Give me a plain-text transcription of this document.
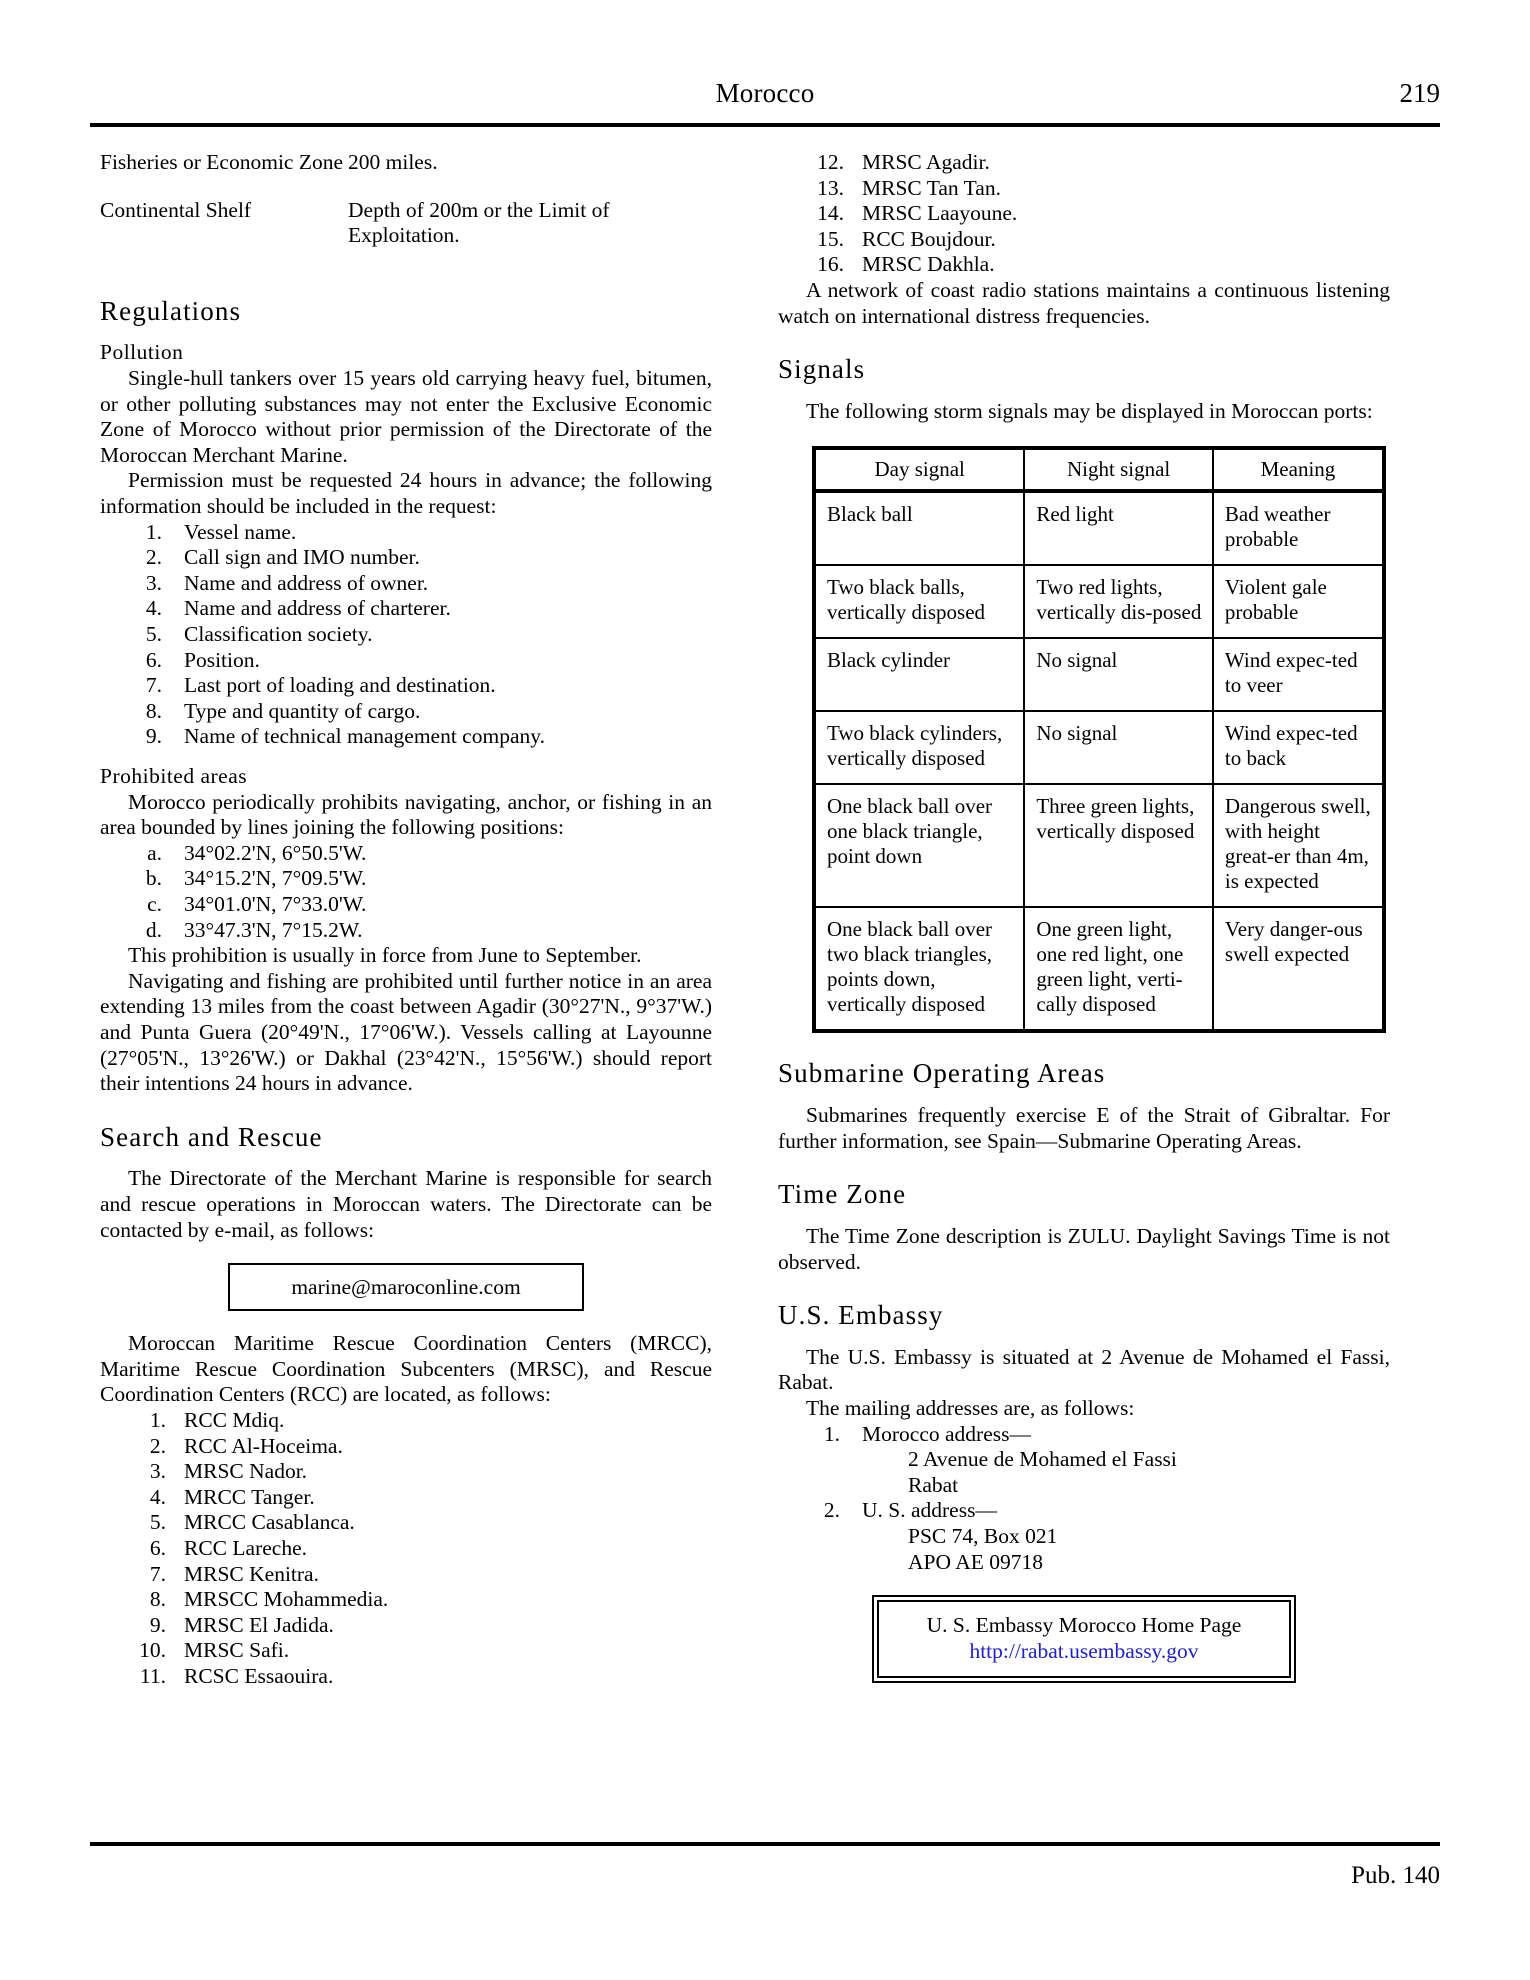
Morocco	219
Fisheries or Economic Zone	200 miles.
Continental Shelf	Depth of 200m or the Limit of Exploitation.
Regulations
Pollution

Single-hull tankers over 15 years old carrying heavy fuel, bitumen, or other polluting substances may not enter the Exclusive Economic Zone of Morocco without prior permission of the Directorate of the Moroccan Merchant Marine.

Permission must be requested 24 hours in advance; the following information should be included in the request:

1. Vessel name.
2. Call sign and IMO number.
3. Name and address of owner.
4. Name and address of charterer.
5. Classification society.
6. Position.
7. Last port of loading and destination.
8. Type and quantity of cargo.
9. Name of technical management company.
Prohibited areas

Morocco periodically prohibits navigating, anchor, or fishing in an area bounded by lines joining the following positions:

a. 34°02.2'N, 6°50.5'W.
b. 34°15.2'N, 7°09.5'W.
c. 34°01.0'N, 7°33.0'W.
d. 33°47.3'N, 7°15.2W.

This prohibition is usually in force from June to September.

Navigating and fishing are prohibited until further notice in an area extending 13 miles from the coast between Agadir (30°27'N., 9°37'W.) and Punta Guera (20°49'N., 17°06'W.). Vessels calling at Layounne (27°05'N., 13°26'W.) or Dakhal (23°42'N., 15°56'W.) should report their intentions 24 hours in advance.

Search and Rescue

The Directorate of the Merchant Marine is responsible for search and rescue operations in Moroccan waters. The Directorate can be contacted by e-mail, as follows:

marine@maroconline.com

Moroccan Maritime Rescue Coordination Centers (MRCC), Maritime Rescue Coordination Subcenters (MRSC), and Rescue Coordination Centers (RCC) are located, as follows:

1. RCC Mdiq.
2. RCC Al-Hoceima.
3. MRSC Nador.
4. MRCC Tanger.
5. MRCC Casablanca.
6. RCC Lareche.
7. MRSC Kenitra.
8. MRSCC Mohammedia.
9. MRSC El Jadida.
10. MRSC Safi.
11. RCSC Essaouira.
12. MRSC Agadir.
13. MRSC Tan Tan.
14. MRSC Laayoune.
15. RCC Boujdour.
16. MRSC Dakhla.

A network of coast radio stations maintains a continuous listening watch on international distress frequencies.

Signals

The following storm signals may be displayed in Moroccan ports:

Day signal	Night signal	Meaning
Black ball	Red light	Bad weather probable
Two black balls, vertically disposed	Two red lights, vertically dis-posed	Violent gale probable
Black cylinder	No signal	Wind expec-ted to veer
Two black cylinders, vertically disposed	No signal	Wind expec-ted to back
One black ball over one black triangle, point down	Three green lights, vertically disposed	Dangerous swell, with height great-er than 4m, is expected
One black ball over two black triangles, points down, vertically disposed	One green light, one red light, one green light, verti-cally disposed	Very danger-ous swell expected
Submarine Operating Areas

Submarines frequently exercise E of the Strait of Gibraltar. For further information, see Spain—Submarine Operating Areas.

Time Zone

The Time Zone description is ZULU. Daylight Savings Time is not observed.

U.S. Embassy

The U.S. Embassy is situated at 2 Avenue de Mohamed el Fassi, Rabat.

The mailing addresses are, as follows:

1. Morocco address—
2 Avenue de Mohamed el Fassi
Rabat
2. U. S. address—
PSC 74, Box 021
APO AE 09718
U. S. Embassy Morocco Home Page
http://rabat.usembassy.gov
Pub. 140
